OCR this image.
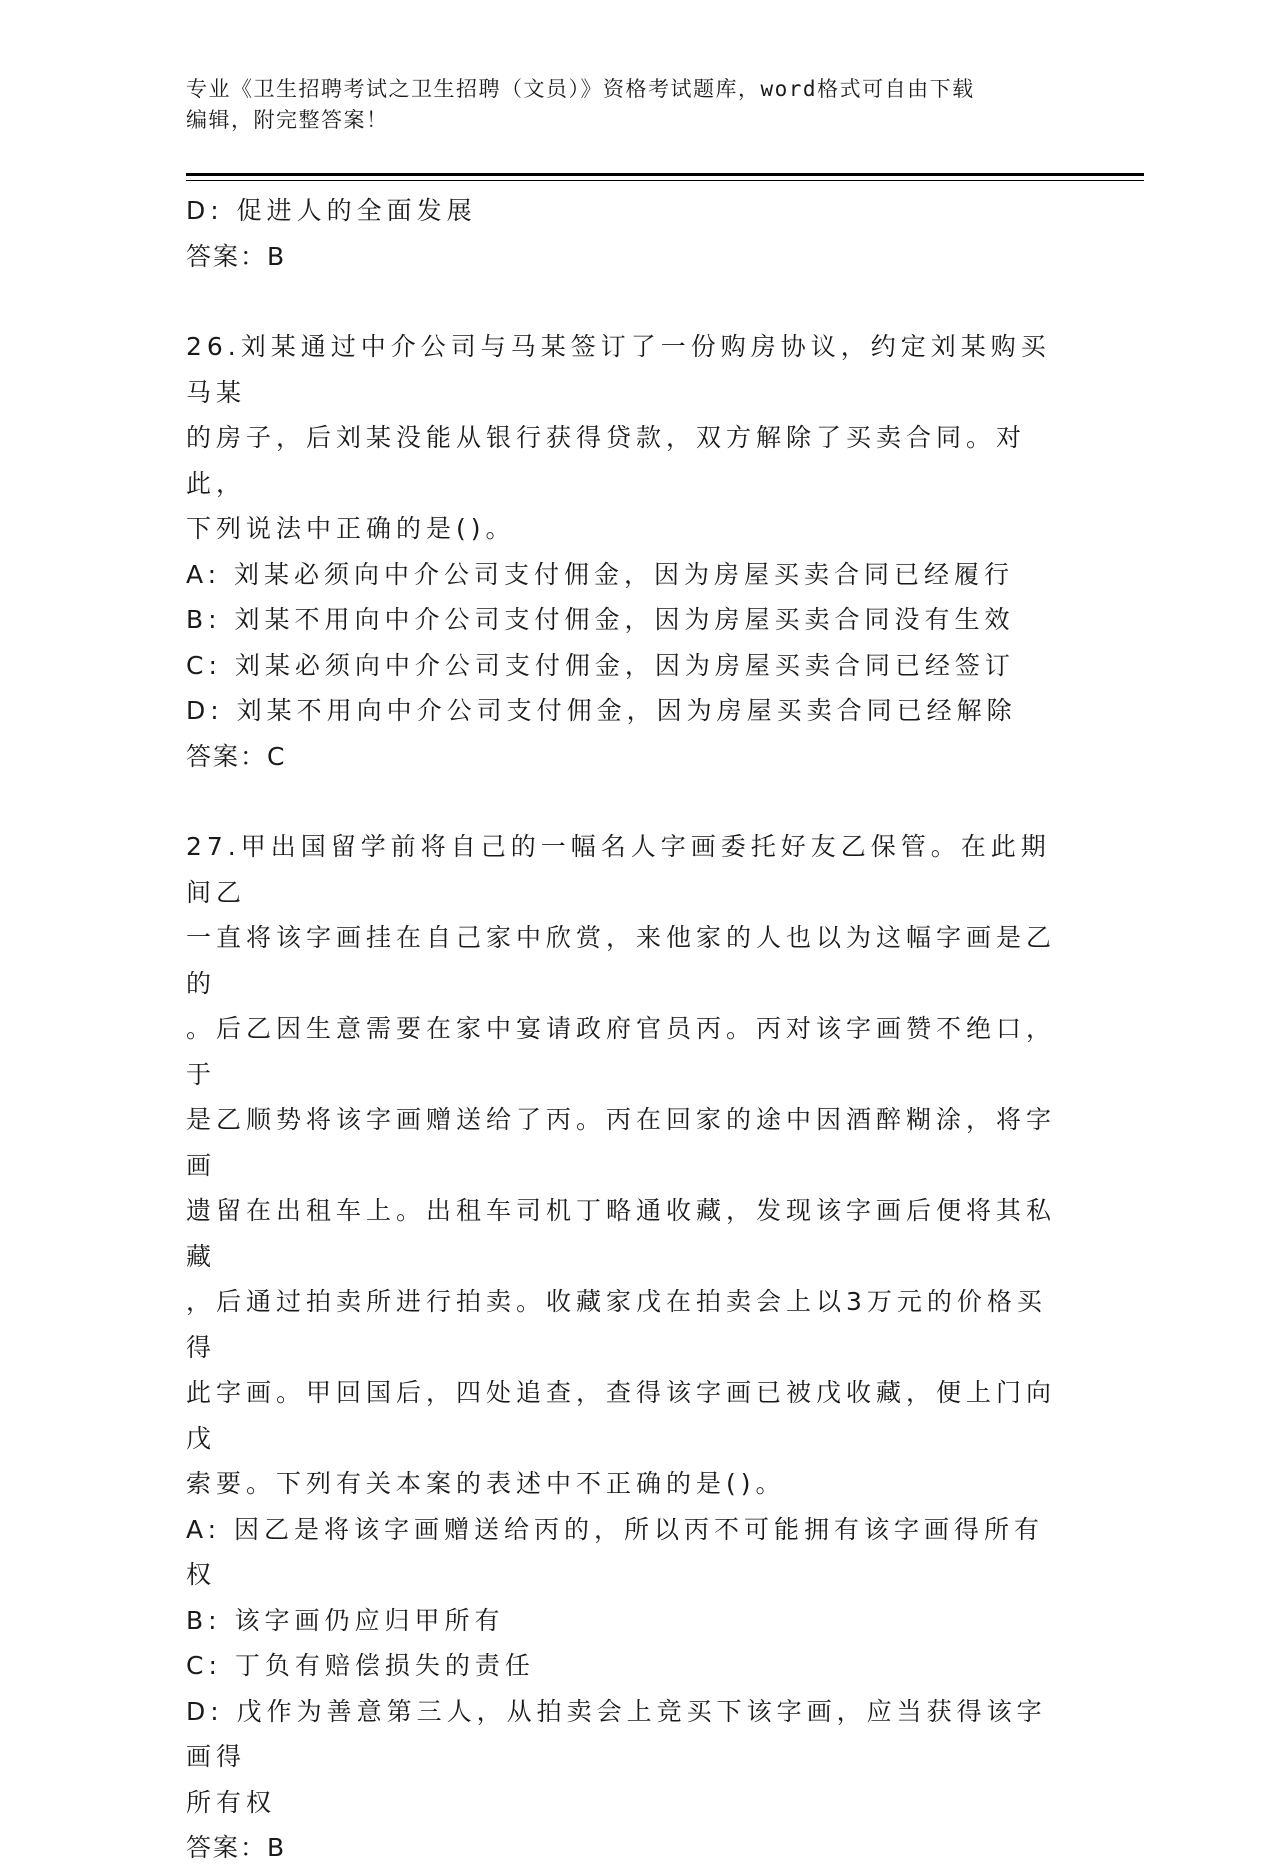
专业《卫生招聘考试之卫生招聘（文员）》资格考试题库，word格式可自由下载
编辑，附完整答案！
D: 促进人的全面发展
答案：B
26.刘某通过中介公司与马某签订了一份购房协议，约定刘某购买马某
的房子，后刘某没能从银行获得贷款，双方解除了买卖合同。对此，
下列说法中正确的是()。
A: 刘某必须向中介公司支付佣金，因为房屋买卖合同已经履行
B: 刘某不用向中介公司支付佣金，因为房屋买卖合同没有生效
C: 刘某必须向中介公司支付佣金，因为房屋买卖合同已经签订
D: 刘某不用向中介公司支付佣金，因为房屋买卖合同已经解除
答案：C
27.甲出国留学前将自己的一幅名人字画委托好友乙保管。在此期间乙
一直将该字画挂在自己家中欣赏，来他家的人也以为这幅字画是乙的
。后乙因生意需要在家中宴请政府官员丙。丙对该字画赞不绝口，于
是乙顺势将该字画赠送给了丙。丙在回家的途中因酒醉糊涂，将字画
遗留在出租车上。出租车司机丁略通收藏，发现该字画后便将其私藏
，后通过拍卖所进行拍卖。收藏家戊在拍卖会上以3万元的价格买得
此字画。甲回国后，四处追查，查得该字画已被戊收藏，便上门向戊
索要。下列有关本案的表述中不正确的是()。
A: 因乙是将该字画赠送给丙的，所以丙不可能拥有该字画得所有权
B: 该字画仍应归甲所有
C: 丁负有赔偿损失的责任
D: 戊作为善意第三人，从拍卖会上竞买下该字画，应当获得该字画得
所有权
答案：B
